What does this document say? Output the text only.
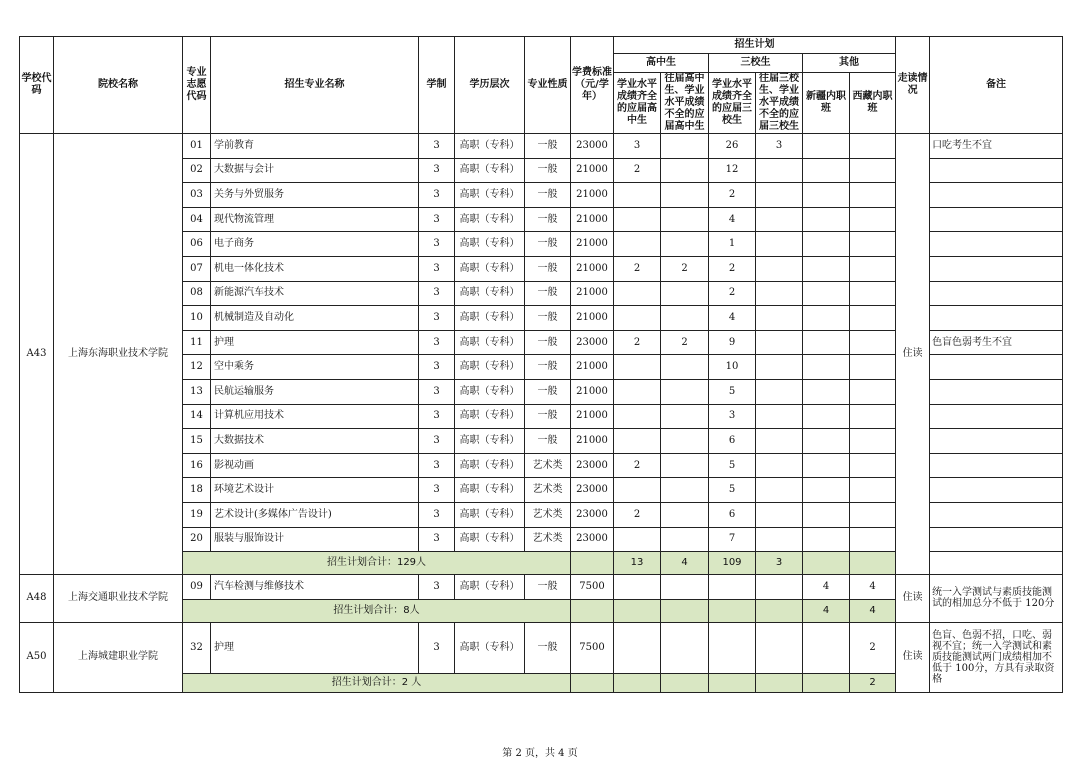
学校代码	院校名称	专业志愿代码	招生专业名称	学制	学历层次	专业性质	学费标准（元/学年）	招生计划						走读情况	备注
								高中生		三校生		其他			
								学业水平成绩齐全的应届高中生	往届高中生、学业水平成绩不全的应届高中生	学业水平成绩齐全的应届三校生	往届三校生、学业水平成绩不全的应届三校生	新疆内职班	西藏内职班		
A43	上海东海职业技术学院	01	学前教育	3	高职（专科）	一般	23000	3		26	3			住读	口吃考生不宜
		02	大数据与会计	3	高职（专科）	一般	21000	2		12					
		03	关务与外贸服务	3	高职（专科）	一般	21000			2					
		04	现代物流管理	3	高职（专科）	一般	21000			4					
		06	电子商务	3	高职（专科）	一般	21000			1					
		07	机电一体化技术	3	高职（专科）	一般	21000	2	2	2					
		08	新能源汽车技术	3	高职（专科）	一般	21000			2					
		10	机械制造及自动化	3	高职（专科）	一般	21000			4					
		11	护理	3	高职（专科）	一般	23000	2	2	9					色盲色弱考生不宜
		12	空中乘务	3	高职（专科）	一般	21000			10					
		13	民航运输服务	3	高职（专科）	一般	21000			5					
		14	计算机应用技术	3	高职（专科）	一般	21000			3					
		15	大数据技术	3	高职（专科）	一般	21000			6					
		16	影视动画	3	高职（专科）	艺术类	23000	2		5					
		18	环境艺术设计	3	高职（专科）	艺术类	23000			5					
		19	艺术设计(多媒体广告设计)	3	高职（专科）	艺术类	23000	2		6					
		20	服装与服饰设计	3	高职（专科）	艺术类	23000			7					
		招生计划合计：129人						13	4	109	3				
A48	上海交通职业技术学院	09	汽车检测与维修技术	3	高职（专科）	一般	7500					4	4	住读	统一入学测试与素质技能测试的相加总分不低于 120分
		招生计划合计：8人										4	4		
A50	上海城建职业学院	32	护理	3	高职（专科）	一般	7500						2	住读	色盲、色弱不招，口吃、弱视不宜；统一入学测试和素质技能测试两门成绩相加不低于 100分，方具有录取资格
		招生计划合计：2 人											2		
第 2 页，共 4 页
